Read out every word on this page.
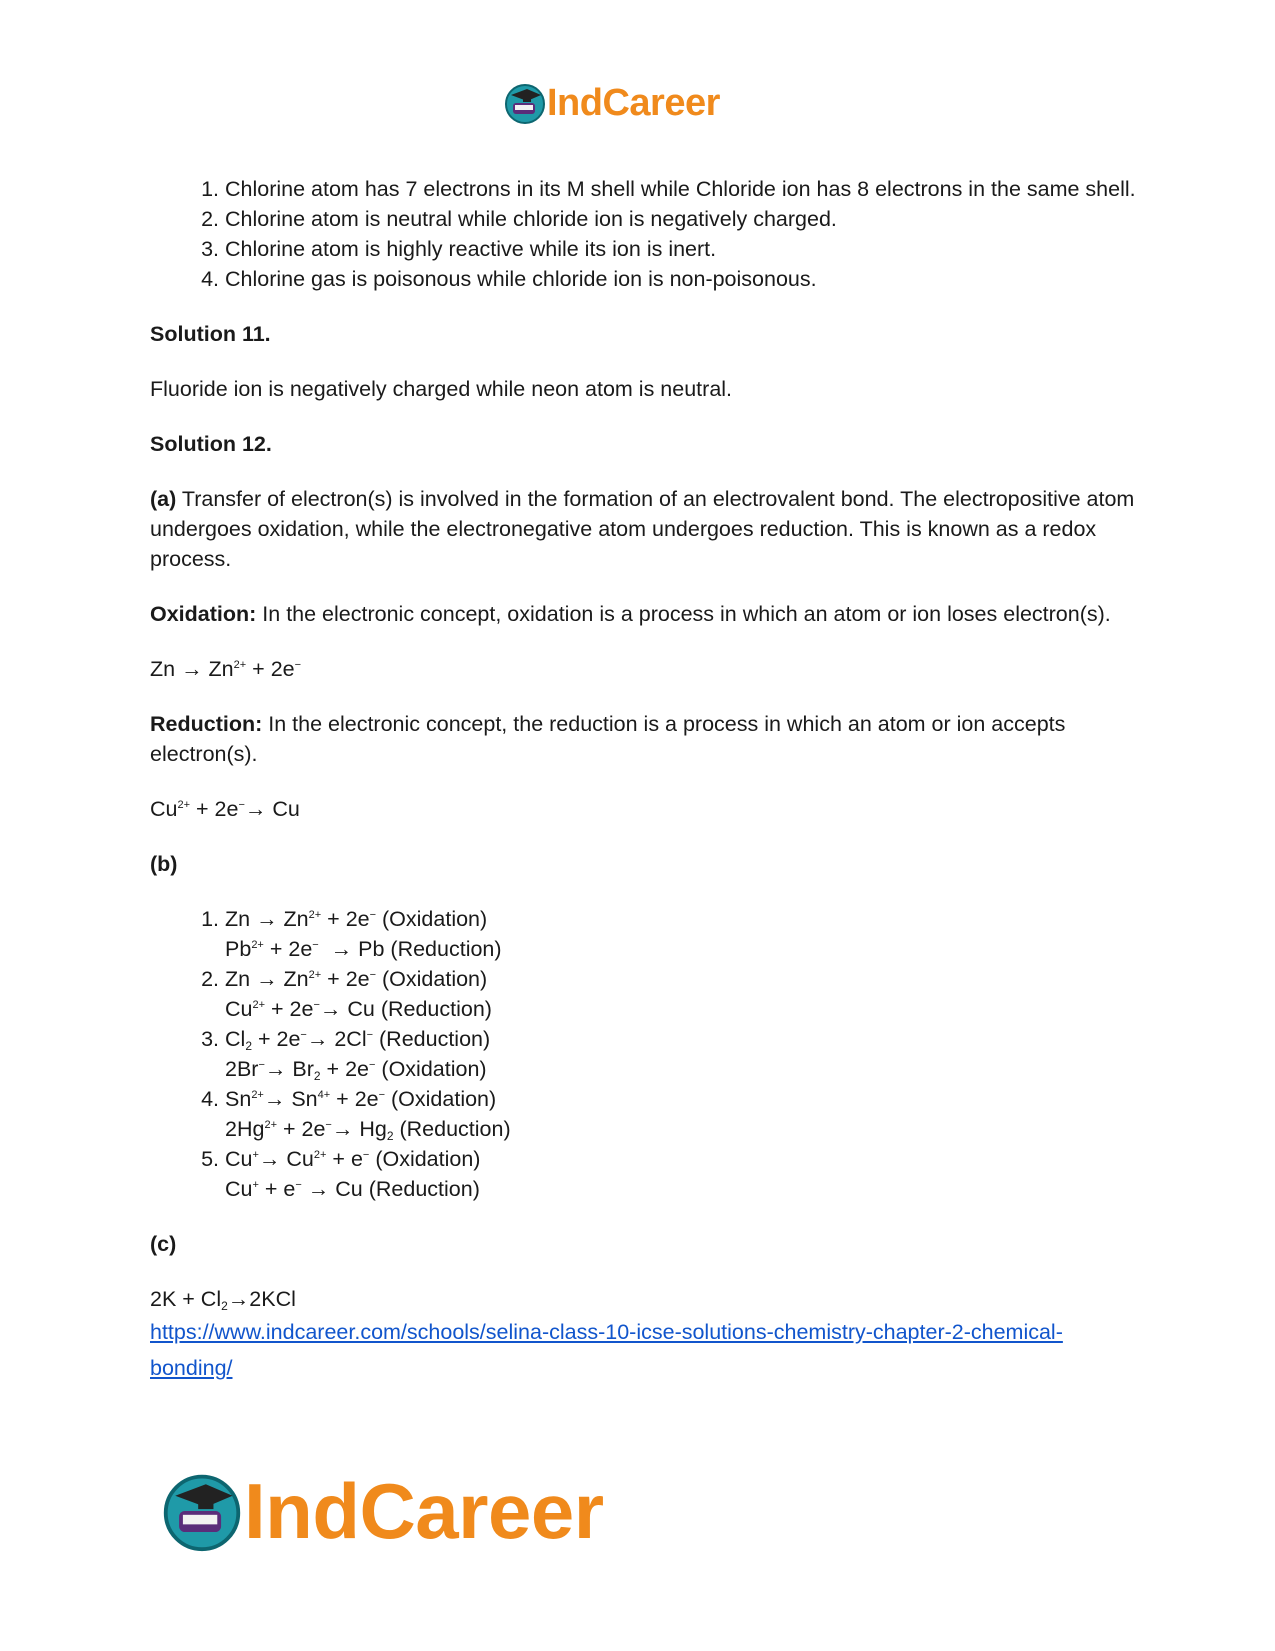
IndCareer
1. Chlorine atom has 7 electrons in its M shell while Chloride ion has 8 electrons in the same shell.
2. Chlorine atom is neutral while chloride ion is negatively charged.
3. Chlorine atom is highly reactive while its ion is inert.
4. Chlorine gas is poisonous while chloride ion is non-poisonous.

Solution 11.

Fluoride ion is negatively charged while neon atom is neutral.

Solution 12.

(a) Transfer of electron(s) is involved in the formation of an electrovalent bond. The electropositive atom undergoes oxidation, while the electronegative atom undergoes reduction. This is known as a redox process.

Oxidation: In the electronic concept, oxidation is a process in which an atom or ion loses electron(s).

$Zn \to Zn^{2+} + 2e^-$

Reduction: In the electronic concept, the reduction is a process in which an atom or ion accepts electron(s).

$Cu^{2+} + 2e^-\to Cu$

(b)

1. $Zn \to Zn^{2+} + 2e^-$ (Oxidation)
$Pb^{2+} + 2e^- \to Pb$ (Reduction)
2. $Zn \to Zn^{2+} + 2e^-$ (Oxidation)
$Cu^{2+} + 2e^-\to Cu$ (Reduction)
3. $Cl_2 + 2e^-\to 2Cl^-$ (Reduction)
$2Br^-\to Br_2 + 2e^-$ (Oxidation)
4. $Sn^{2+}\to Sn^{4+} + 2e^-$ (Oxidation)
$2Hg^{2+} + 2e^-\to Hg_2$ (Reduction)
5. $Cu^+\to Cu^{2+} + e^-$ (Oxidation)
Cu+ + e− → Cu (Reduction)

(c)

$2K + Cl_2\to 2KCl$

https://www.indcareer.com/schools/selina-class-10-icse-solutions-chemistry-chapter-2-chemical-
bonding/
IndCareer
